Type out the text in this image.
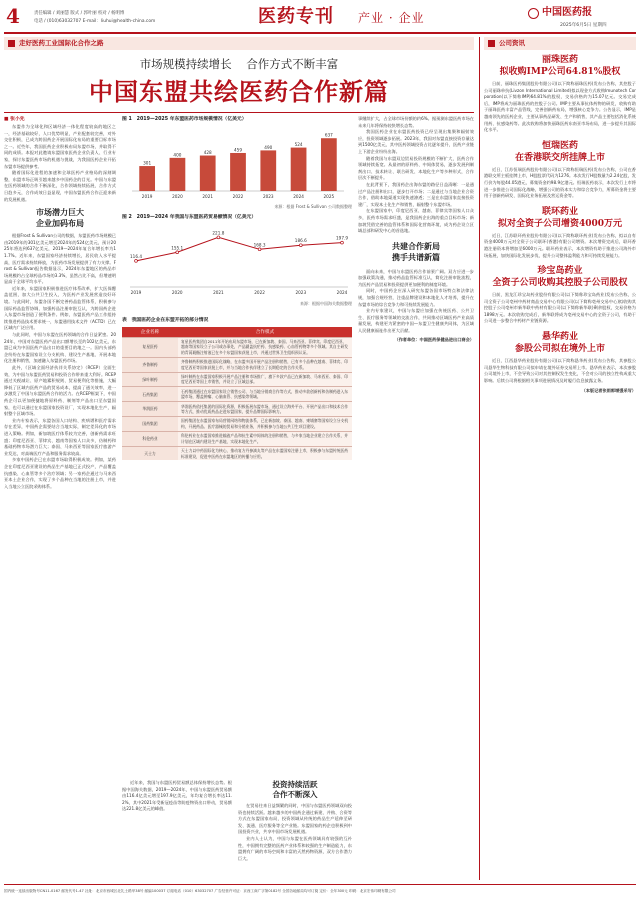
4	责任编辑 / 刘丽慧 版式 / 郭叶丽 校对 / 杨明博
电话 / (010)63032707 E-mail：liuhui@health-china.com	医药专刊 产业 · 企业	中国医药报
2025年6月5日 星期四
走好医药工业国际化合作之路
市场规模持续增长    合作方式不断丰富
中国东盟共绘医药合作新篇
■ 张小先

东盟作为全球化和区域经济一体化程度较高的地区之一，经济基础较好，人口优势明显，产业配套较完善，对外交往积极，已成为跨国药企开展国际化布局的重要目标市场之一。近些年，我国医药企业积极布局东盟市场，并取得不同的成绩。本报对此邀请东盟国家医药企业负责人、行业专家，探讨东盟医药市场的机遇与挑战，为我国医药企业开拓东盟市场提供参考。

随着国际化进程的加速和全球医药产业格局的深刻调整，东盟市场正吸引越来越多中国药企的目光。中国与东盟在医药领域的合作不断深化，合作领域持续拓展，合作方式日趋多元，合作成效日益显现，中国东盟医药合作正迎来新的发展机遇。

市场潜力巨大
企业加码布局

根据Frost & Sullivan公司的数据，东盟医药市场规模已由2019年的301亿美元增至2024年的524亿美元，预计2025年将达到637亿美元，2019—2024年复合年增长率为11.7%。近年来，东盟国家经济持续增长，居民收入水平提高，医疗需求持续释放，为医药市场发展提供了有力支撑。Frost & Sullivan报告数据显示，2024年东盟地区的药品市场规模约占全球药品市场的3.3%，虽然占比不高，但增速明显高于全球平均水平。

近年来，东盟国家积极推进医疗体系改革，扩大医保覆盖范围，加大公共卫生投入，为医药产业发展营造良好环境。与此同时，东盟各国不断完善药品监管体系，积极参与国际药品监管协调，加强药品注册审批互认，为跨国药企进入东盟市场创造了便利条件。例如，东盟医药产品工作组持续推进药品技术要求统一，东盟通用技术文件（ACTD）已在区域内广泛应用。

与此同时，中国与东盟在医药领域的合作日益紧密。2024年，中国对东盟医药产品出口额增长至约102亿美元，东盟已成为中国医药产品出口的重要目的地之一。国内头部药企纷纷在东盟国家设立分支机构、建设生产基地、开展本地化注册和销售，加速融入东盟医药市场。

此外，《区域全面经济伙伴关系协定》（RCEP）全面生效，为中国与东盟医药贸易和投资合作带来重大利好。RCEP通过关税减让、原产地累积规则、贸易便利化等措施，大幅降低了区域内医药产品的贸易成本，提高了通关效率，进一步激发了中国与东盟医药合作的活力。在RCEP框架下，中国药企可以更加便捷地将原料药、制剂等产品出口至东盟国家，也可以通过在东盟国家投资设厂，实现本地化生产，辐射整个区域市场。

业内专家表示，东盟各国人口结构、疾病谱和医疗需求存在差异，中国药企需要结合当地实际，制定差异化的市场进入策略。例如，新加坡医疗体系较为完善，创新药需求旺盛；印度尼西亚、菲律宾、越南等国家人口众多，仿制药和基础药物市场潜力巨大；泰国、马来西亚等国家医疗旅游产业发达，对高端医疗产品和服务需求较高。

多家中国药企已在东盟市场取得积极成效。例如，某药企在印度尼西亚建设的药品生产基地已正式投产，产品覆盖抗感染、心血管等多个治疗领域；另一家药企通过与马来西亚本土企业合作，实现了多个品种在当地的注册上市，并进入当地公立医院采购体系。

图 1　2019—2025 年东盟医药市场规模情况（亿美元）
301
2019
400
2020
428
2021
459
2022
490
2023
524
2024
637
2025
来源：根据 Frost & Sullivan 公司数据整理
图 2　2019—2024 年我国与东盟医药贸易额情况（亿美元）
116.4
2019
155.1
2020
221.8
2021
168.3
2022
186.6
2023
197.9
2024
来源：根据中国海关数据整理
表　我国医药企业在东盟开拓的部分情况
企业名称	合作模式
复星医药	复星医药集团自2011年开始布局东盟市场，已在新加坡、泰国、马来西亚、菲律宾、印度尼西亚、越南等国家设立子公司或办事处，产品涵盖抗疟药、抗感染药、心血管药物等多个领域。其自主研发的青蒿琥酯注射液已在多个东盟国家获批上市，并通过世界卫生组织预认证。
齐鲁制药	齐鲁制药积极推进国际化战略，在东盟多国开展产品注册和销售，已有多个品种在越南、菲律宾、印度尼西亚等国家获批上市，并与当地合作伙伴建立了长期稳定的合作关系。
绿叶制药	绿叶制药在东盟国家积极开展产品注册和市场推广，旗下多款产品已在新加坡、马来西亚、泰国、印度尼西亚等国上市销售，并设立了区域总部。
石药集团	石药集团通过在东盟国家设立销售公司、与当地分销商合作等方式，推动多款创新药和仿制药进入东盟市场，覆盖肿瘤、心脑血管、抗感染等领域。
华润医药	华润医药依托集团的国际化资源，积极拓展东盟市场，通过设立海外平台、开展产品出口和技术合作等方式，推动优质药品走进东盟国家，提升品牌国际影响力。
国药集团	国药集团在东盟国家布局营销网络和物流体系，已在新加坡、泰国、越南、柬埔寨等国家设立分支机构，开展药品、医疗器械的贸易和分销业务，并积极参与当地公共卫生项目建设。
科伦药业	科伦药业在东盟国家推进输液产品和抗生素中间体的注册和销售，与多家当地企业建立合作关系，并计划在区域内建设生产基地，实现本地化生产。
天士力	天士力以中药国际化为核心，推动复方丹参滴丸等产品在东盟国家注册上市，积极参与东盟传统医药标准建设，促进中医药在东盟地区的传播与应用。

近年来，我国与东盟医药贸易额总体保持增长态势。根据中国海关数据，2019—2024年，中国与东盟医药贸易额由116.4亿美元增至197.9亿美元，年均复合增长率达11.2%，其中2021年受新冠疫苗等防疫物资出口带动，贸易额达221.8亿美元的峰值。

投资持续活跃
合作不断深入

在贸易往来日益频繁的同时，中国与东盟医药领域双向投资也持续活跃。越来越多的中国药企通过新建、并购、合资等方式在东盟国家布局，投资领域从传统的药品生产延伸至研发、流通、医疗服务等全产业链。东盟国家的药企也积极到中国投资兴业，共享中国市场发展机遇。

业内人士认为，中国与东盟在医药领域具有较强的互补性，中国拥有完整的医药产业体系和较强的生产制造能力，东盟拥有广阔的市场空间和丰富的天然药物资源，双方合作潜力巨大。

事继续扩大，占全球市场份额的约6%。据预测东盟医药市场在未来几年将保持较快增长态势。

我国医药企业在东盟医药投资已经呈现出集聚和辐射效应，投资领域逐步拓展。2023年，我国对东盟直接投资存量达到1500亿美元，其中医药领域投资占比逐年提升，医药产业链上下游企业纷纷出海。

随着我国与东盟双边贸易投资规模的不断扩大，医药合作领域持续拓宽。从最初的原料药、中间体贸易，逐步发展到制剂出口、技术转让、联合研发、本地化生产等多种形式，合作层次不断提升。

在此背景下，我国药企出海东盟的路径日益清晰：一是通过产品注册和出口，逐步打开市场；二是通过与当地企业合资合作，借助本地渠道实现快速渗透；三是在东盟国家直接投资建厂，实现本土化生产和销售，辐射整个东盟市场。

在东盟国家中，印度尼西亚、越南、菲律宾等国家人口众多，医药市场需求旺盛，是我国药企出海的重点目标市场；新加坡凭借完善的监管体系和国际化营商环境，成为药企设立区域总部和研发中心的首选地。

共建合作新局
携手共谱新篇

面向未来，中国与东盟医药合作前景广阔。双方应进一步加强政策沟通，推动药品监管标准互认，简化注册审批流程，为医药产品贸易和投资提供更加便利的制度环境。

同时，中国药企应深入研究东盟各国市场特点和法律法规，加强合规经营，注重品牌建设和本地化人才培养，提升在东盟市场的综合竞争力和可持续发展能力。

业内专家建议，中国与东盟应加强在传统医药、公共卫生、医疗服务等领域的交流合作，共同推动区域医药产业高质量发展，构建更为紧密的中国—东盟卫生健康共同体，为区域人民健康福祉作出更大贡献。

（作者单位：中国医药保健品进出口商会）

公司资讯
丽珠医药
拟收购IMP公司64.81%股权

日前，丽珠医药集团股份有限公司(以下简称丽珠医药)发布公告称，其控股子公司丽珠单抗(Livzon International Limited)拟以现金方式收购Imunotech Corporation(以下简称IMP)64.81%的股权，交易价格约为15.07亿元。交易完成后，IMP将成为丽珠医药的控股子公司。IMP主要从事抗体药物的研发，收购有助于丽珠医药丰富产品管线，完善创新药布局，增强核心竞争力。公告显示，IMP是越南领先的医药企业，主要从事药品研发、生产和销售，其产品主要包括消化系统用药、抗感染药等。此次收购将加快丽珠医药东南亚市场布局，进一步提升其国际化水平。

恒瑞医药
在香港联交所挂牌上市

近日，江苏恒瑞医药股份有限公司(以下简称恒瑞医药)发布公告称，公司在香港联交所主板挂牌上市，H股股票代码为1276。本次发行H股数量为2.24亿股，发行价为每股44.05港元，募集资金约98.9亿港元。恒瑞医药表示，本次发行上市将进一步推进公司国际化战略，增强公司的资本实力和综合竞争力，所募资金将主要用于创新药研发、国际化业务拓展及营运资金等。

联环药业
拟对全资子公司增资4000万元

近日，江苏联环药业股份有限公司(以下简称联环药业)发布公告称，拟以自有资金4000万元对全资子公司联环(香港)有限公司增资。本次增资完成后，联环香港注册资本将增加至6000万元。联环药业表示，本次增资有助于推进公司海外市场拓展，加快国际化发展步伐，提升公司整体盈利能力和可持续发展能力。

珍宝岛药业
全资子公司收购其控股子公司股权

日前，黑龙江珍宝岛药业股份有限公司(以下简称珍宝岛药业)发布公告称，公司全资子公司亳州中药材商品交易中心有限公司(以下简称亳州交易中心)拟收购其控股子公司亳州市新华联中药材有限公司(以下简称新华联)剩余股权，交易价格为1898万元。本次收购完成后，新华联将成为亳州交易中心的全资子公司，有助于公司进一步整合中药材产业链资源。

悬华药业
参股公司拟在境外上市

近日，江西悬华药业股份有限公司(以下简称悬华药业)发布公告称，其参股公司悬华生物科技有限公司拟申请在境外证券交易所上市。悬华药业表示，本次参股公司境外上市，不会导致公司对其控制权发生变化，不会对公司的独立性构成重大影响。后续公司将根据相关事项进展情况及时履行信息披露义务。

（本版记者张雨郭增强采写）

国内统一连续出版物号CN11-0167 邮发代号1-47 社址：北京市西城区北礼士路甲38号 邮编100037 订阅电话（010）63032707 广告经营许可证：京西工商广字第0182号 全国各地邮局均可订阅 定价：全年300元 印刷：北京宏伟印刷有限公司
